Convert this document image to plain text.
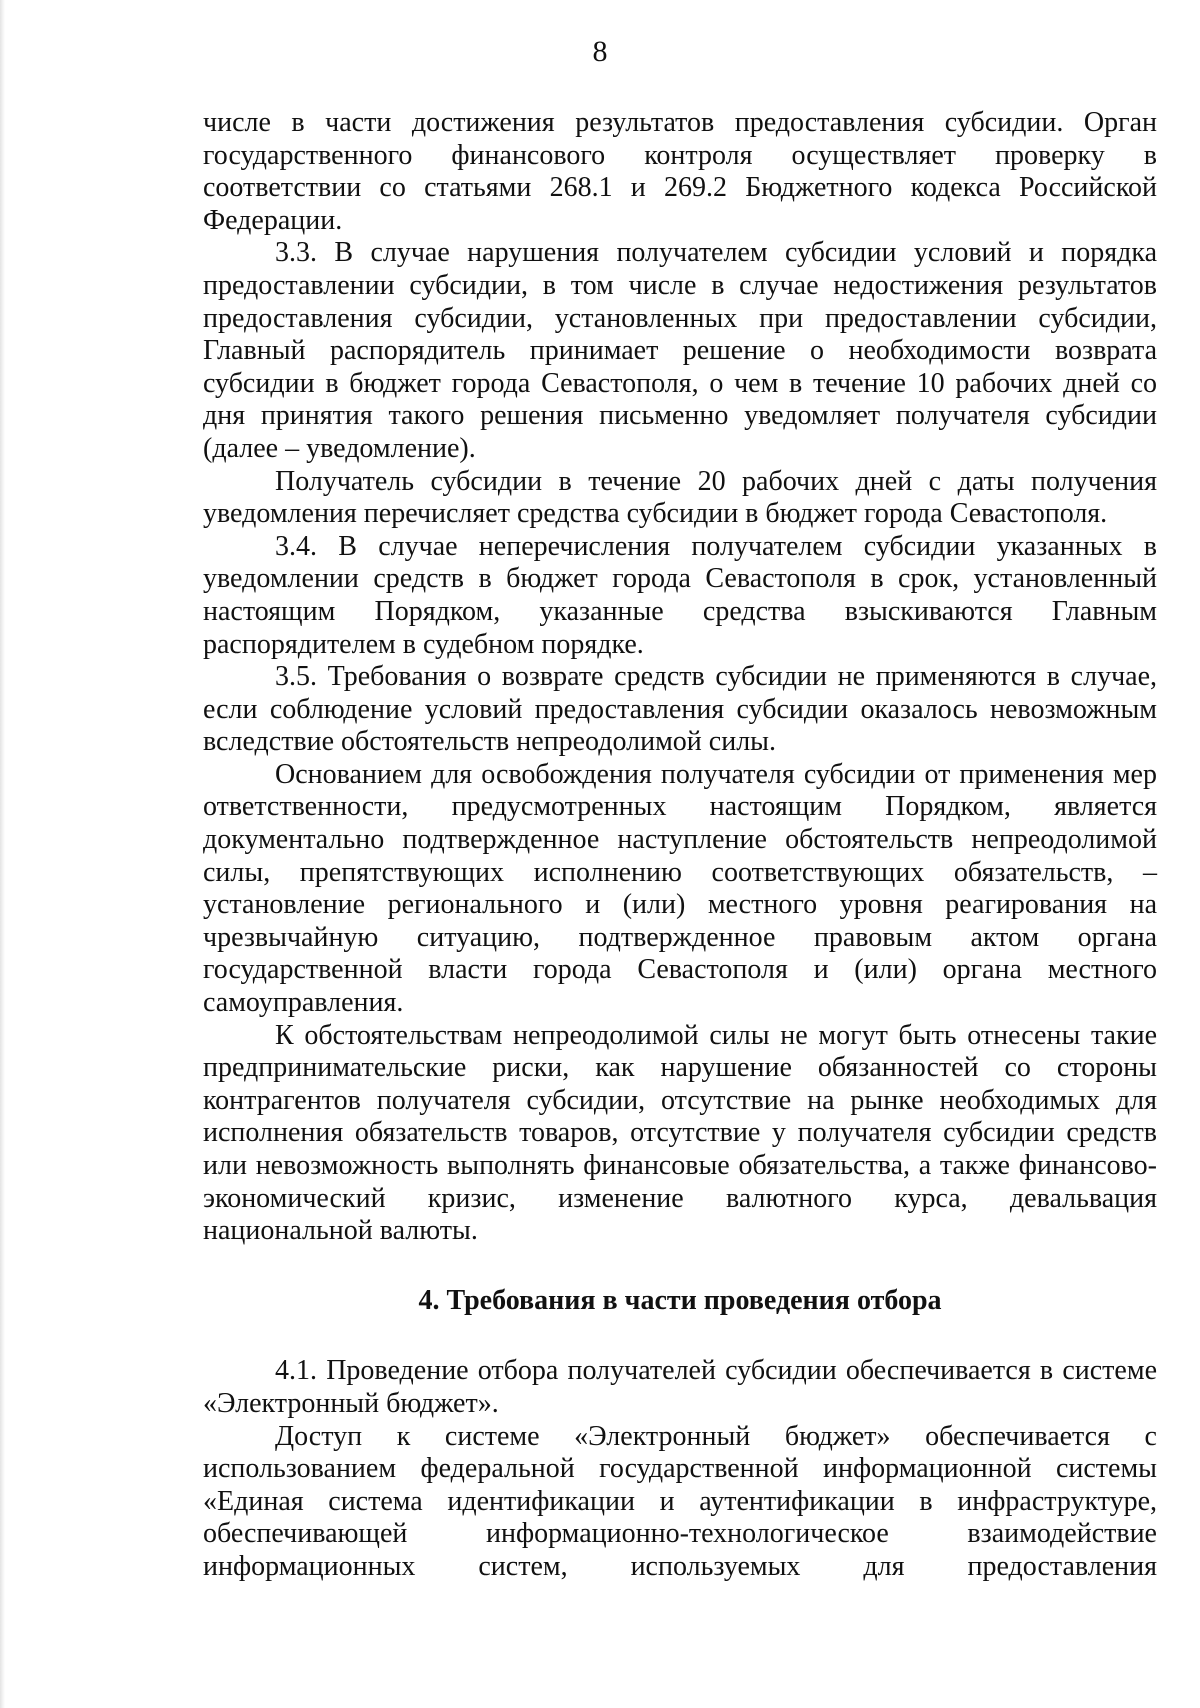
8

числе в части достижения результатов предоставления субсидии. Орган государственного финансового контроля осуществляет проверку в соответствии со статьями 268.1 и 269.2 Бюджетного кодекса Российской Федерации.

3.3. В случае нарушения получателем субсидии условий и порядка предоставлении субсидии, в том числе в случае недостижения результатов предоставления субсидии, установленных при предоставлении субсидии, Главный распорядитель принимает решение о необходимости возврата субсидии в бюджет города Севастополя, о чем в течение 10 рабочих дней со дня принятия такого решения письменно уведомляет получателя субсидии (далее – уведомление).

Получатель субсидии в течение 20 рабочих дней с даты получения уведомления перечисляет средства субсидии в бюджет города Севастополя.

3.4. В случае неперечисления получателем субсидии указанных в уведомлении средств в бюджет города Севастополя в срок, установленный настоящим Порядком, указанные средства взыскиваются Главным распорядителем в судебном порядке.

3.5. Требования о возврате средств субсидии не применяются в случае, если соблюдение условий предоставления субсидии оказалось невозможным вследствие обстоятельств непреодолимой силы.

Основанием для освобождения получателя субсидии от применения мер ответственности, предусмотренных настоящим Порядком, является документально подтвержденное наступление обстоятельств непреодолимой силы, препятствующих исполнению соответствующих обязательств, – установление регионального и (или) местного уровня реагирования на чрезвычайную ситуацию, подтвержденное правовым актом органа государственной власти города Севастополя и (или) органа местного самоуправления.

К обстоятельствам непреодолимой силы не могут быть отнесены такие предпринимательские риски, как нарушение обязанностей со стороны контрагентов получателя субсидии, отсутствие на рынке необходимых для исполнения обязательств товаров, отсутствие у получателя субсидии средств или невозможность выполнять финансовые обязательства, а также финансово-экономический кризис, изменение валютного курса, девальвация национальной валюты.

4. Требования в части проведения отбора

4.1. Проведение отбора получателей субсидии обеспечивается в системе «Электронный бюджет».

Доступ к системе «Электронный бюджет» обеспечивается с использованием федеральной государственной информационной системы «Единая система идентификации и аутентификации в инфраструктуре, обеспечивающей информационно-технологическое взаимодействие информационных систем, используемых для предоставления
